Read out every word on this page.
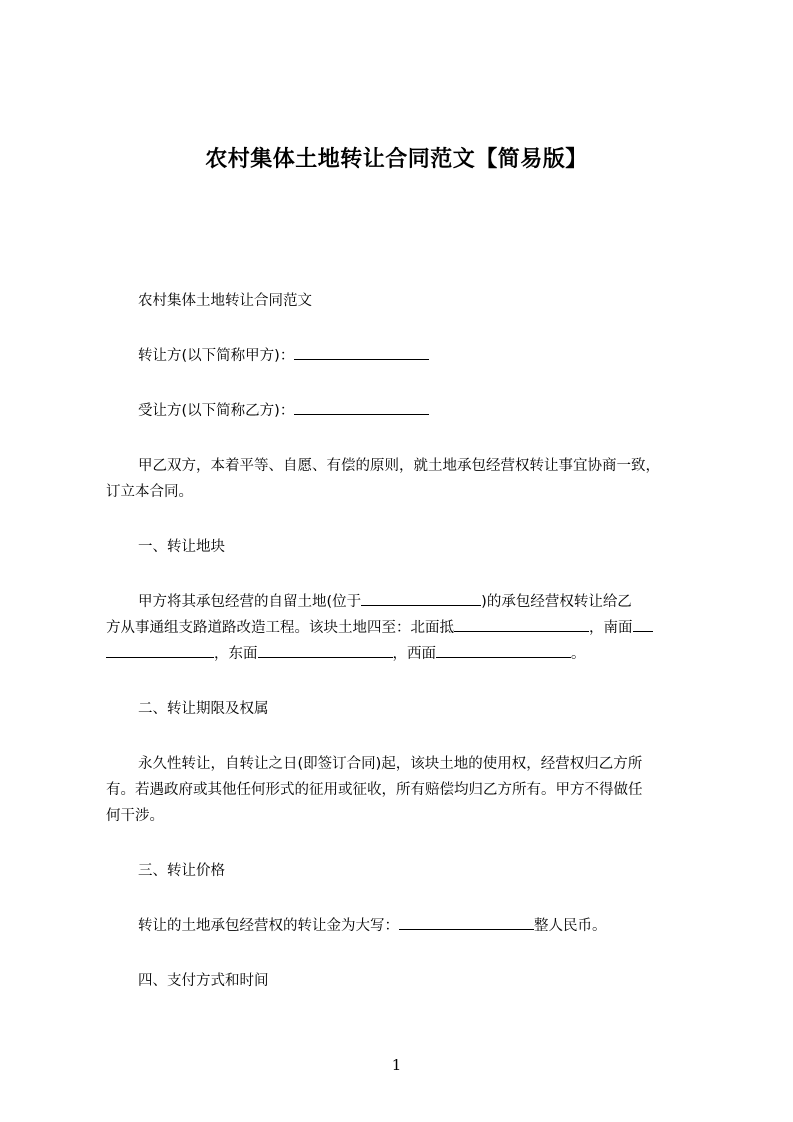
农村集体土地转让合同范文【简易版】
农村集体土地转让合同范文
转让方(以下简称甲方)：
受让方(以下简称乙方)：
甲乙双方，本着平等、自愿、有偿的原则，就土地承包经营权转让事宜协商一致，
订立本合同。
一、转让地块
甲方将其承包经营的自留土地(位于	)的承包经营权转让给乙
方从事通组支路道路改造工程。该块土地四至：北面抵	，南面
，东面	，西面	。
二、转让期限及权属
永久性转让，自转让之日(即签订合同)起，该块土地的使用权，经营权归乙方所
有。若遇政府或其他任何形式的征用或征收，所有赔偿均归乙方所有。甲方不得做任
何干涉。
三、转让价格
转让的土地承包经营权的转让金为大写：	整人民币。
四、支付方式和时间
1
